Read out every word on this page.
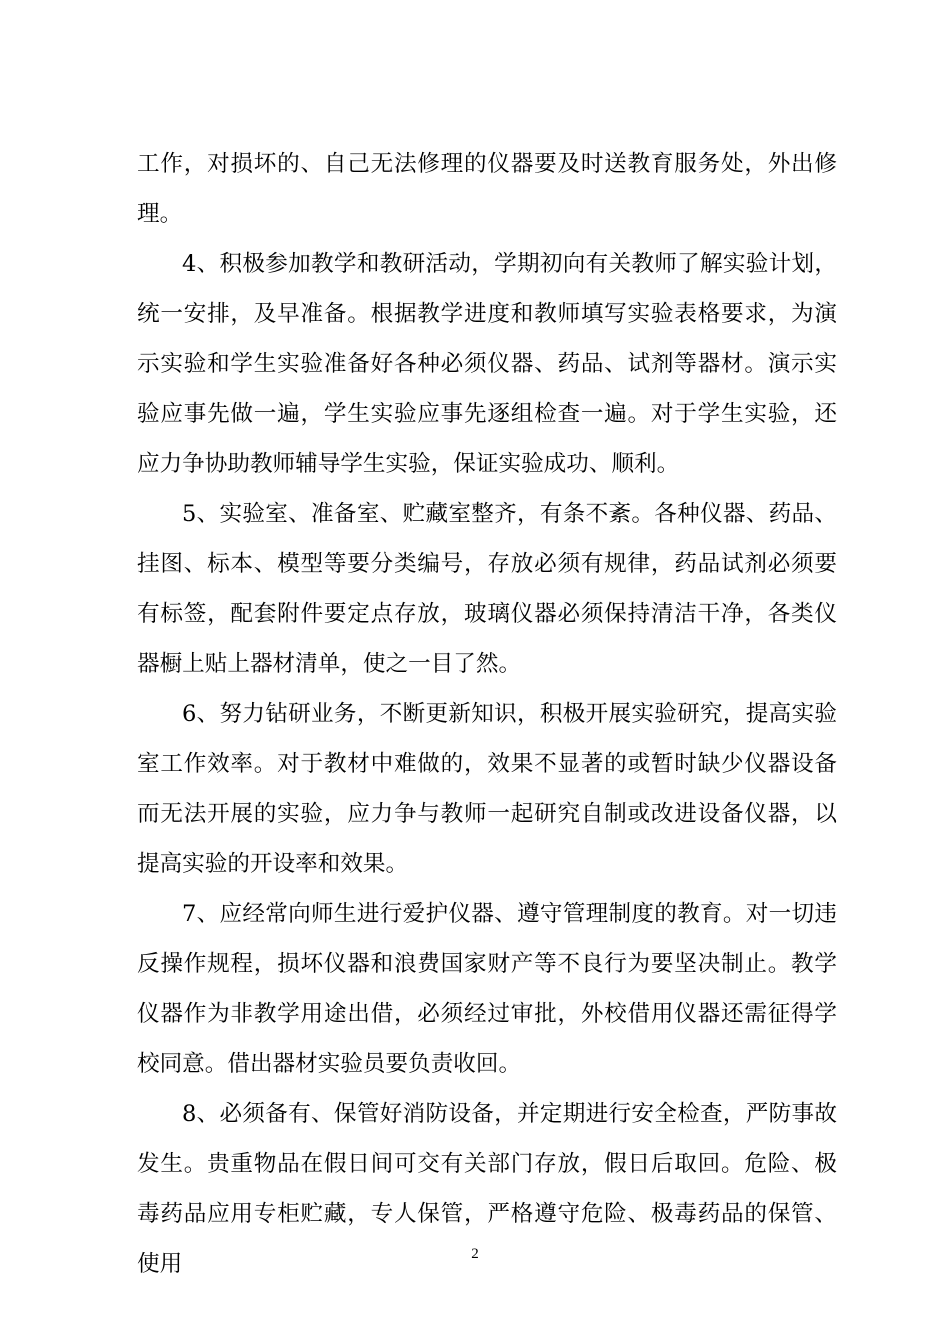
工作，对损坏的、自己无法修理的仪器要及时送教育服务处，外出修理。

4、积极参加教学和教研活动，学期初向有关教师了解实验计划，统一安排，及早准备。根据教学进度和教师填写实验表格要求，为演示实验和学生实验准备好各种必须仪器、药品、试剂等器材。演示实验应事先做一遍，学生实验应事先逐组检查一遍。对于学生实验，还应力争协助教师辅导学生实验，保证实验成功、顺利。

5、实验室、准备室、贮藏室整齐，有条不紊。各种仪器、药品、挂图、标本、模型等要分类编号，存放必须有规律，药品试剂必须要有标签，配套附件要定点存放，玻璃仪器必须保持清洁干净，各类仪器橱上贴上器材清单，使之一目了然。

6、努力钻研业务，不断更新知识，积极开展实验研究，提高实验室工作效率。对于教材中难做的，效果不显著的或暂时缺少仪器设备而无法开展的实验，应力争与教师一起研究自制或改进设备仪器，以提高实验的开设率和效果。

7、应经常向师生进行爱护仪器、遵守管理制度的教育。对一切违反操作规程，损坏仪器和浪费国家财产等不良行为要坚决制止。教学仪器作为非教学用途出借，必须经过审批，外校借用仪器还需征得学校同意。借出器材实验员要负责收回。

8、必须备有、保管好消防设备，并定期进行安全检查，严防事故发生。贵重物品在假日间可交有关部门存放，假日后取回。危险、极毒药品应用专柜贮藏，专人保管，严格遵守危险、极毒药品的保管、使用	2
